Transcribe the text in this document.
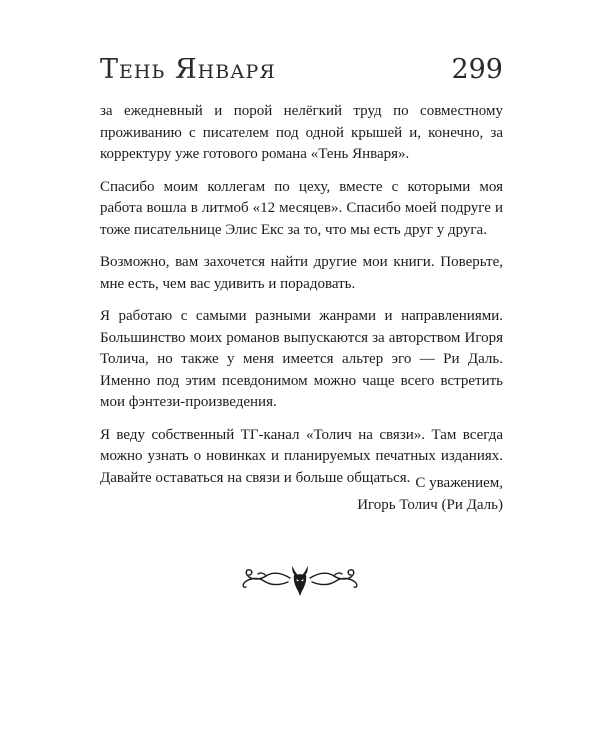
Тень Января	299

за ежедневный и порой нелёгкий труд по совместному проживанию с писателем под одной крышей и, конечно, за корректуру уже готового романа «Тень Января».

Спасибо моим коллегам по цеху, вместе с которыми моя работа вошла в литмоб «12 месяцев». Спасибо моей подруге и тоже писательнице Элис Екс за то, что мы есть друг у друга.

Возможно, вам захочется найти другие мои книги. Поверьте, мне есть, чем вас удивить и порадовать.

Я работаю с самыми разными жанрами и направлениями. Большинство моих романов выпускаются за авторством Игоря Толича, но также у меня имеется альтер эго — Ри Даль. Именно под этим псевдонимом можно чаще всего встретить мои фэнтези-произведения.

Я веду собственный ТГ-канал «Толич на связи». Там всегда можно узнать о новинках и планируемых печатных изданиях. Давайте оставаться на связи и больше общаться. С уважением,
Игорь Толич (Ри Даль)
